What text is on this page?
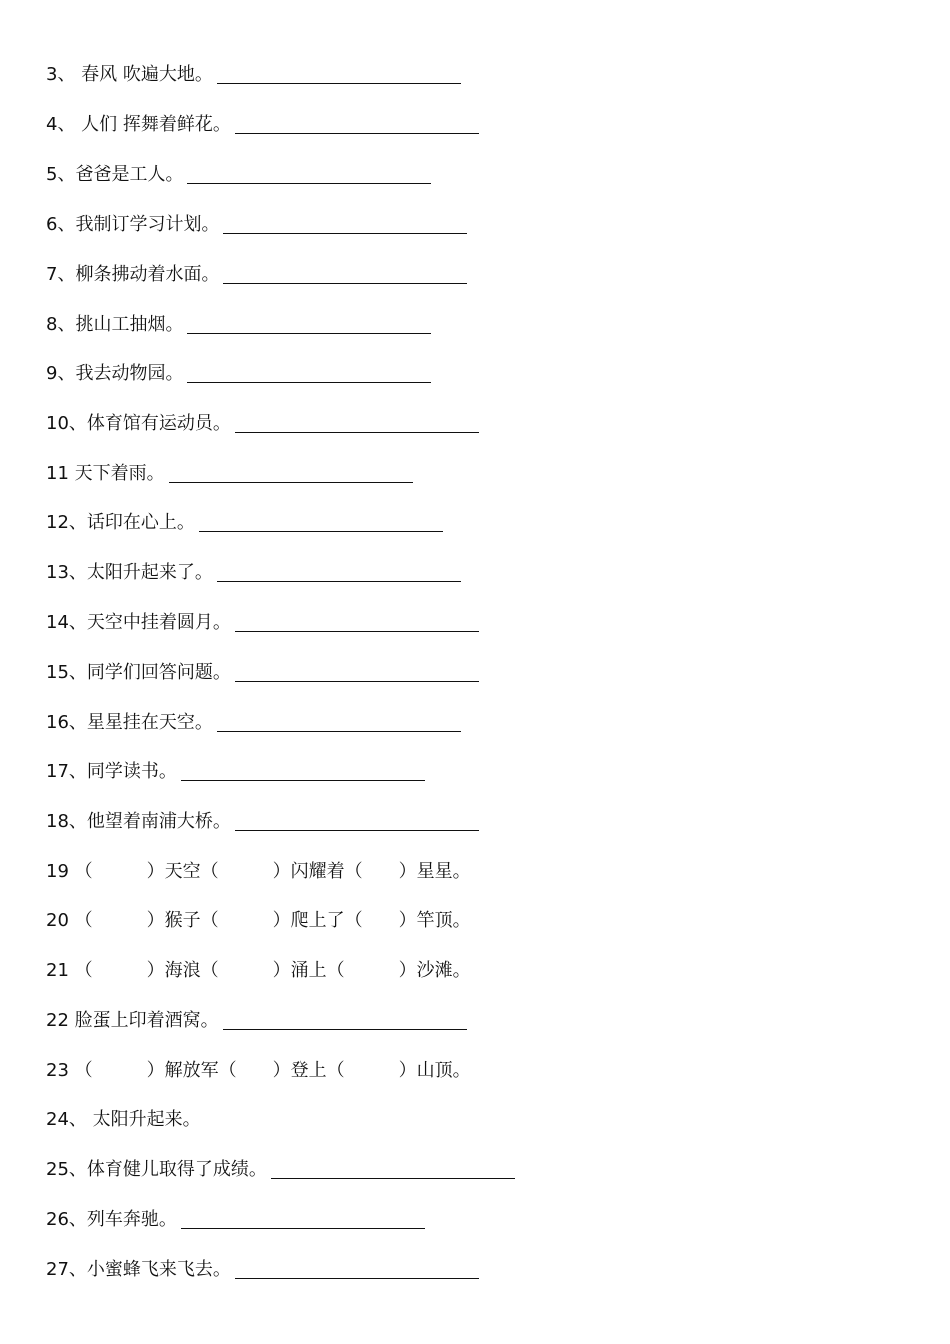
3、 春风 吹遍大地。
4、 人们 挥舞着鲜花。
5、爸爸是工人。
6、我制订学习计划。
7、柳条拂动着水面。
8、挑山工抽烟。
9、我去动物园。
10、体育馆有运动员。
11 天下着雨。
12、话印在心上。
13、太阳升起来了。
14、天空中挂着圆月。
15、同学们回答问题。
16、星星挂在天空。
17、同学读书。
18、他望着南浦大桥。
19 （　　　）天空（　　　）闪耀着（　　）星星。
20 （　　　）猴子（　　　）爬上了（　　）竿顶。
21 （　　　）海浪（　　　）涌上（　　　）沙滩。
22 脸蛋上印着酒窝。
23 （　　　）解放军（　　）登上（　　　）山顶。
24、 太阳升起来。
25、体育健儿取得了成绩。
26、列车奔驰。
27、小蜜蜂飞来飞去。
